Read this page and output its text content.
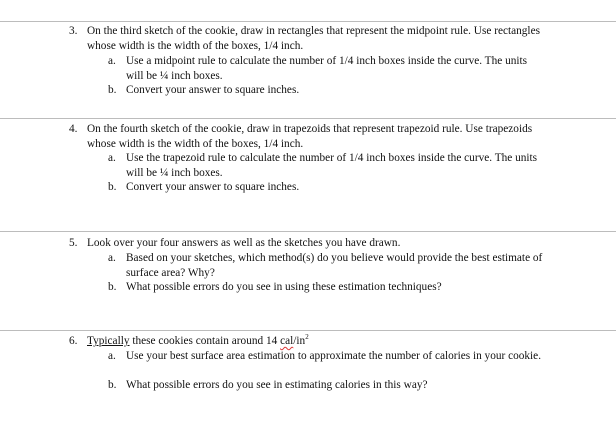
3. On the third sketch of the cookie, draw in rectangles that represent the midpoint rule. Use rectangles whose width is the width of the boxes, 1/4 inch.
a. Use a midpoint rule to calculate the number of 1/4 inch boxes inside the curve. The units will be ¼ inch boxes.
b. Convert your answer to square inches.
4. On the fourth sketch of the cookie, draw in trapezoids that represent trapezoid rule. Use trapezoids whose width is the width of the boxes, 1/4 inch.
a. Use the trapezoid rule to calculate the number of 1/4 inch boxes inside the curve. The units will be ¼ inch boxes.
b. Convert your answer to square inches.
5. Look over your four answers as well as the sketches you have drawn.
a. Based on your sketches, which method(s) do you believe would provide the best estimate of surface area? Why?
b. What possible errors do you see in using these estimation techniques?
6. Typically these cookies contain around 14 cal/$in^2$
a. Use your best surface area estimation to approximate the number of calories in your cookie.
b. What possible errors do you see in estimating calories in this way?
